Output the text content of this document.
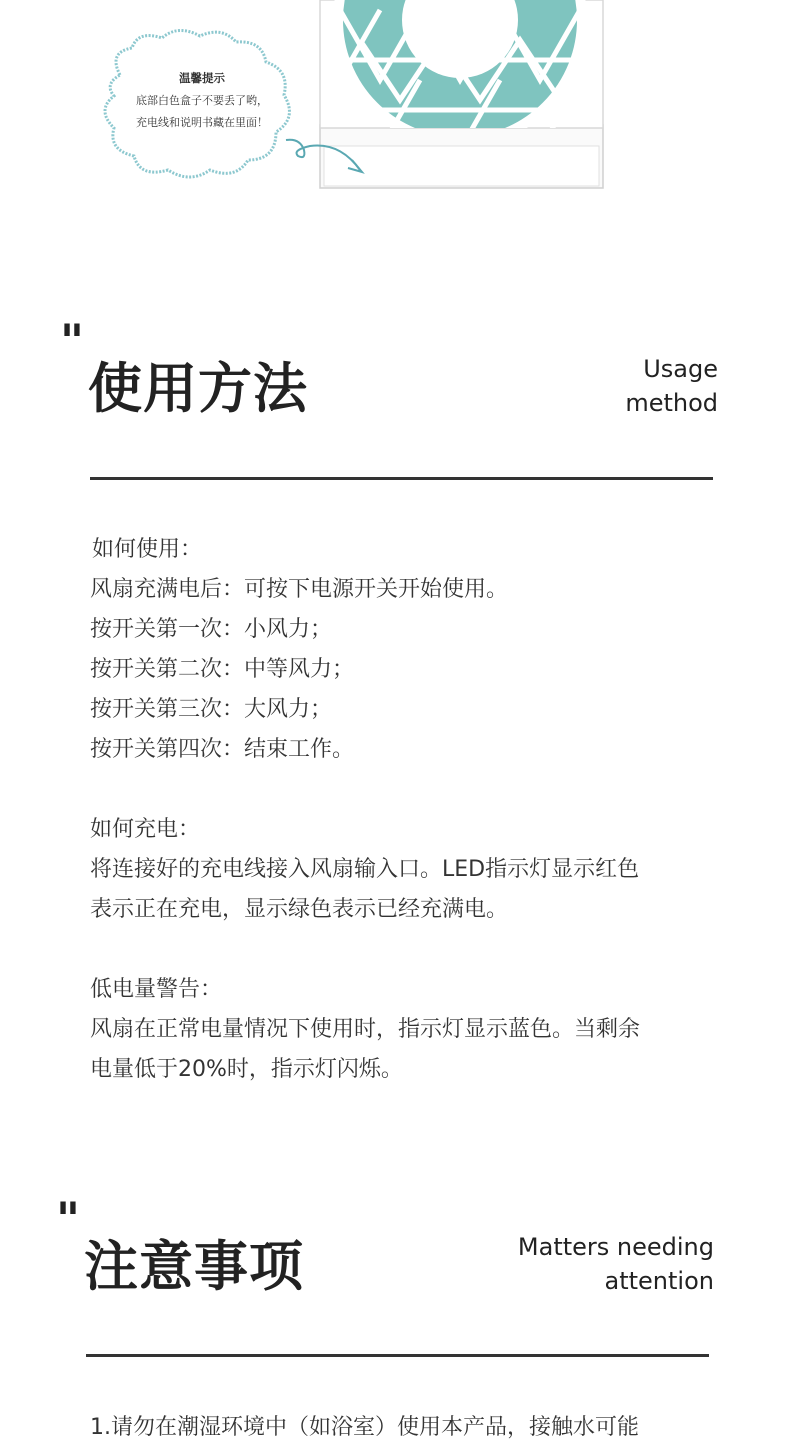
温馨提示
底部白色盒子不要丢了哟，
充电线和说明书藏在里面！
"
使用方法	Usage
method
如何使用：
风扇充满电后：可按下电源开关开始使用。
按开关第一次：小风力；
按开关第二次：中等风力；
按开关第三次：大风力；
按开关第四次：结束工作。
如何充电：
将连接好的充电线接入风扇输入口。LED指示灯显示红色
表示正在充电，显示绿色表示已经充满电。
低电量警告：
风扇在正常电量情况下使用时，指示灯显示蓝色。当剩余
电量低于20%时，指示灯闪烁。
"
注意事项	Matters needing
attention
1.请勿在潮湿环境中（如浴室）使用本产品，接触水可能
